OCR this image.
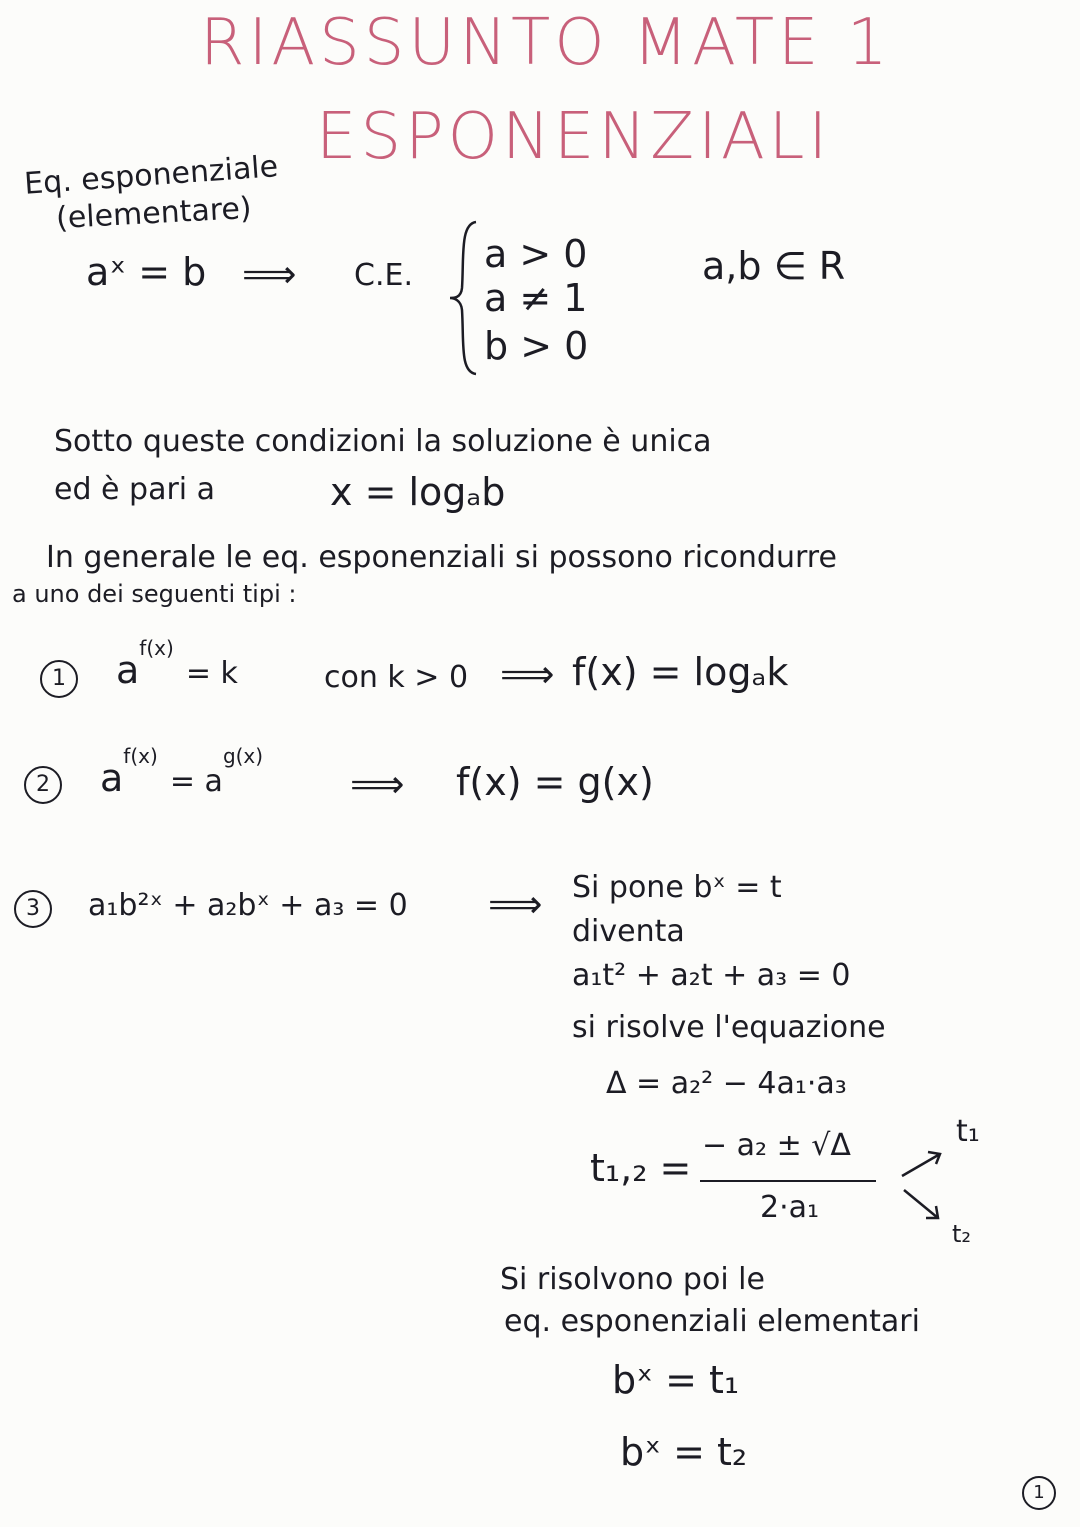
RIASSUNTO MATE 1
ESPONENZIALI
Eq. esponenziale
(elementare)
aˣ = b ⟹ C.E. a > 0
a ≠ 1
b > 0
a,b ∈ R
Sotto queste condizioni la soluzione è unica
ed è pari a	x = logₐb
In generale le eq. esponenziali si possono ricondurre
a uno dei seguenti tipi :
1	$a^{f(x)} = k$	con k > 0 ⟹ f(x) = logₐk
2	$a^{f(x)} = a^{g(x)}$
⟹ f(x) = g(x)
3	a₁b²ˣ + a₂bˣ + a₃ = 0 ⟹ Si pone bˣ = t
diventa
a₁t² + a₂t + a₃ = 0
si risolve l'equazione
Δ = a₂² − 4a₁·a₃
t₁,₂ =
− a₂ ± √Δ
2·a₁
t₁
t₂
Si risolvono poi le
eq. esponenziali elementari
bˣ = t₁
bˣ = t₂
1
